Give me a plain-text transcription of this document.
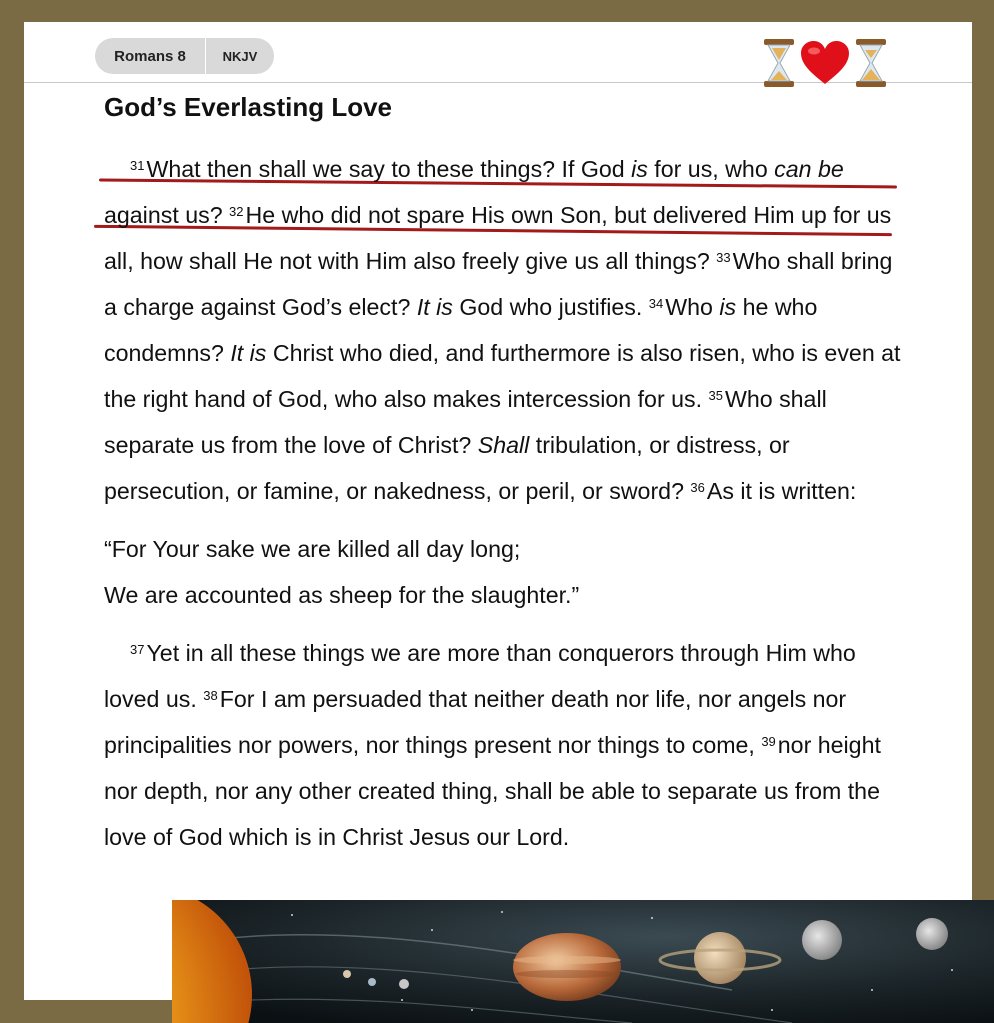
Romans 8	NKJV
God’s Everlasting Love

$^{31}$What then shall we say to these things? If God is for us, who can be against us? $^{32}$He who did not spare His own Son, but delivered Him up for us all, how shall He not with Him also freely give us all things? $^{33}$Who shall bring a charge against God’s elect? It is God who justifies. $^{34}$Who is he who condemns? It is Christ who died, and furthermore is also risen, who is even at the right hand of God, who also makes intercession for us. $^{35}$Who shall separate us from the love of Christ? Shall tribulation, or distress, or persecution, or famine, or nakedness, or peril, or sword? $^{36}$As it is written:

“For Your sake we are killed all day long;
We are accounted as sheep for the slaughter.”

$^{37}$Yet in all these things we are more than conquerors through Him who loved us. $^{38}$For I am persuaded that neither death nor life, nor angels nor principalities nor powers, nor things present nor things to come, $^{39}$nor height nor depth, nor any other created thing, shall be able to separate us from the love of God which is in Christ Jesus our Lord.
